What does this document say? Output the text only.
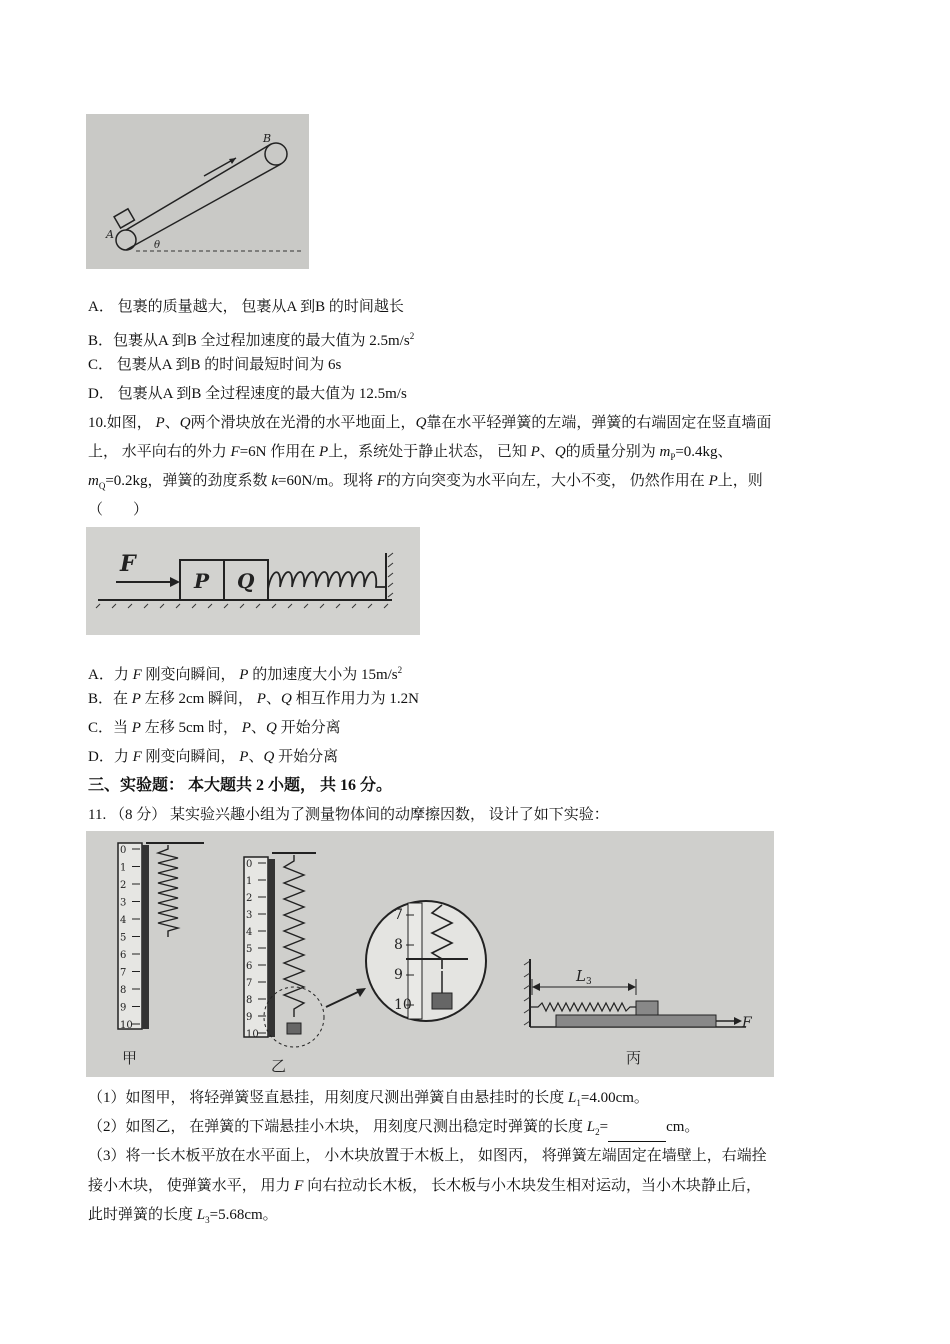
A
B
θ
A． 包裹的质量越大， 包裹从A 到B 的时间越长
B．包裹从A 到B 全过程加速度的最大值为 $2.5m/s^2$
C． 包裹从A 到B 的时间最短时间为 6s
D． 包裹从A 到B 全过程速度的最大值为 12.5m/s
10.如图， P、Q两个滑块放在光滑的水平地面上，Q靠在水平轻弹簧的左端，弹簧的右端固定在竖直墙面
上， 水平向右的外力 F=6N 作用在 P上，系统处于静止状态， 已知 P、Q的质量分别为 $m_P=0.4kg$、
$m_Q=0.2kg$，弹簧的劲度系数 k=60N/m。现将 F的方向突变为水平向左，大小不变， 仍然作用在 P上，则
（　　）
F
P Q
A．力 F 刚变向瞬间， P 的加速度大小为 $15m/s^2$
B．在 P 左移 2cm 瞬间， P、Q 相互作用力为 1.2N
C．当 P 左移 5cm 时， P、Q 开始分离
D．力 F 刚变向瞬间， P、Q 开始分离
三、实验题： 本大题共 2 小题， 共 16 分。
11. （8 分） 某实验兴趣小组为了测量物体间的动摩擦因数， 设计了如下实验：
0
1
2
3
4
5
6
7
8
9
10
甲
0
1
2
3
4
5
6
7
8
9
10
乙
7
8
9
10
L 3
F
丙
（1）如图甲， 将轻弹簧竖直悬挂，用刻度尺测出弹簧自由悬挂时的长度 $L_1=4.00cm$。
（2）如图乙， 在弹簧的下端悬挂小木块， 用刻度尺测出稳定时弹簧的长度 $L_2=$	cm。
（3）将一长木板平放在水平面上， 小木块放置于木板上， 如图丙， 将弹簧左端固定在墙壁上，右端拴
接小木块， 使弹簧水平， 用力 F 向右拉动长木板， 长木板与小木块发生相对运动，当小木块静止后，
此时弹簧的长度 $L_3=5.68cm$。
